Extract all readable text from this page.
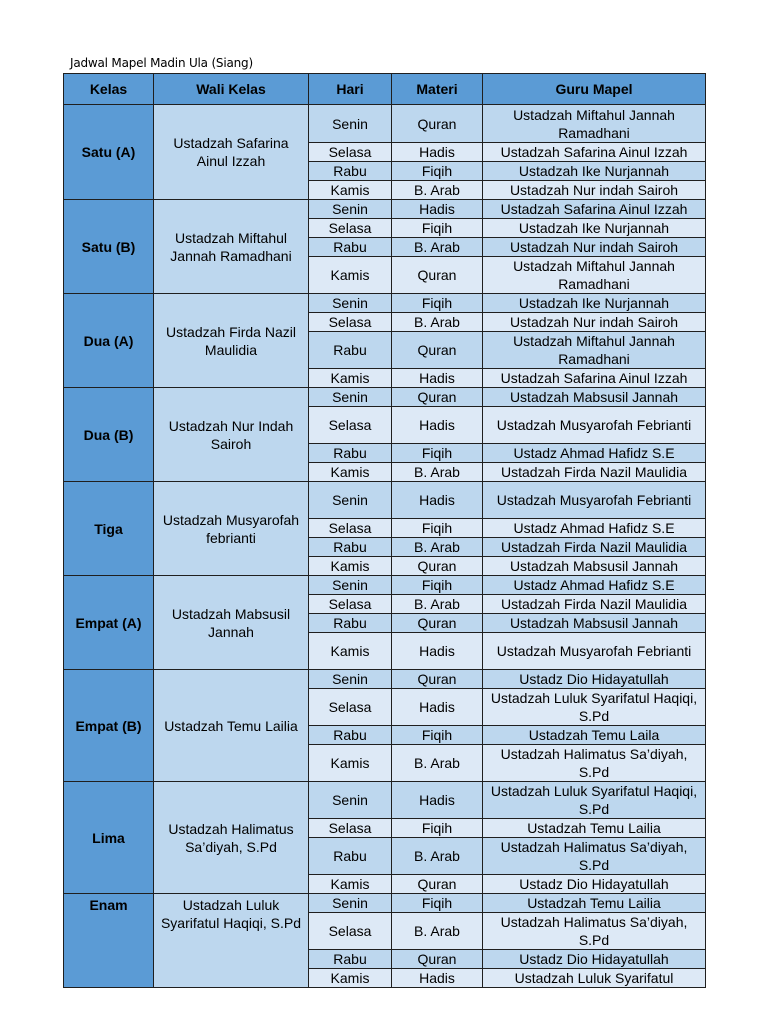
Jadwal Mapel Madin Ula (Siang)
Kelas	Wali Kelas	Hari	Materi	Guru Mapel
Satu (A)	Ustadzah Safarina Ainul Izzah	Senin	Quran	Ustadzah Miftahul Jannah Ramadhani
		Selasa	Hadis	Ustadzah Safarina Ainul Izzah
		Rabu	Fiqih	Ustadzah Ike Nurjannah
		Kamis	B. Arab	Ustadzah Nur indah Sairoh
Satu (B)	Ustadzah Miftahul Jannah Ramadhani	Senin	Hadis	Ustadzah Safarina Ainul Izzah
		Selasa	Fiqih	Ustadzah Ike Nurjannah
		Rabu	B. Arab	Ustadzah Nur indah Sairoh
		Kamis	Quran	Ustadzah Miftahul Jannah Ramadhani
Dua (A)	Ustadzah Firda Nazil Maulidia	Senin	Fiqih	Ustadzah Ike Nurjannah
		Selasa	B. Arab	Ustadzah Nur indah Sairoh
		Rabu	Quran	Ustadzah Miftahul Jannah Ramadhani
		Kamis	Hadis	Ustadzah Safarina Ainul Izzah
Dua (B)	Ustadzah Nur Indah Sairoh	Senin	Quran	Ustadzah Mabsusil Jannah
		Selasa	Hadis	Ustadzah Musyarofah Febrianti
		Rabu	Fiqih	Ustadz Ahmad Hafidz S.E
		Kamis	B. Arab	Ustadzah Firda Nazil Maulidia
Tiga	Ustadzah Musyarofah febrianti	Senin	Hadis	Ustadzah Musyarofah Febrianti
		Selasa	Fiqih	Ustadz Ahmad Hafidz S.E
		Rabu	B. Arab	Ustadzah Firda Nazil Maulidia
		Kamis	Quran	Ustadzah Mabsusil Jannah
Empat (A)	Ustadzah Mabsusil Jannah	Senin	Fiqih	Ustadz Ahmad Hafidz S.E
		Selasa	B. Arab	Ustadzah Firda Nazil Maulidia
		Rabu	Quran	Ustadzah Mabsusil Jannah
		Kamis	Hadis	Ustadzah Musyarofah Febrianti
Empat (B)	Ustadzah Temu Lailia	Senin	Quran	Ustadz Dio Hidayatullah
		Selasa	Hadis	Ustadzah Luluk Syarifatul Haqiqi, S.Pd
		Rabu	Fiqih	Ustadzah Temu Laila
		Kamis	B. Arab	Ustadzah Halimatus Sa’diyah, S.Pd
Lima	Ustadzah Halimatus Sa’diyah, S.Pd	Senin	Hadis	Ustadzah Luluk Syarifatul Haqiqi, S.Pd
		Selasa	Fiqih	Ustadzah Temu Lailia
		Rabu	B. Arab	Ustadzah Halimatus Sa’diyah, S.Pd
		Kamis	Quran	Ustadz Dio Hidayatullah
Enam	Ustadzah Luluk Syarifatul Haqiqi, S.Pd	Senin	Fiqih	Ustadzah Temu Lailia
		Selasa	B. Arab	Ustadzah Halimatus Sa’diyah, S.Pd
		Rabu	Quran	Ustadz Dio Hidayatullah
		Kamis	Hadis	Ustadzah Luluk Syarifatul
